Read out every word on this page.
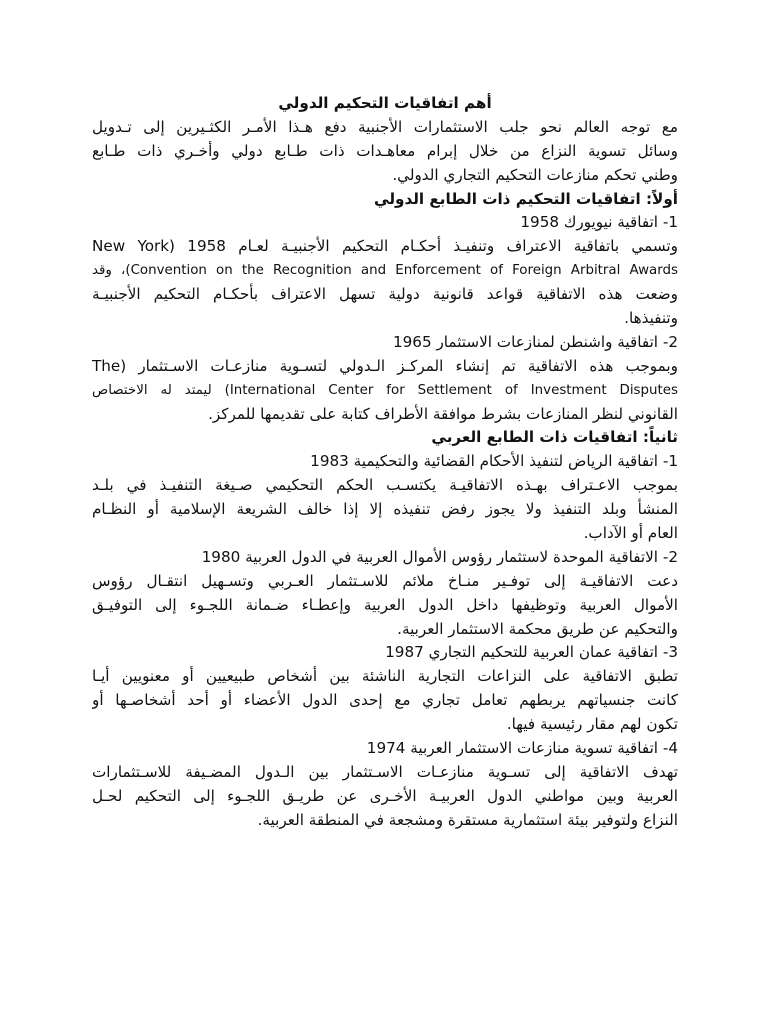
أهم اتفاقيات التحكيم الدولي
مع توجه العالم نحو جلب الاستثمارات الأجنبية دفع هـذا الأمـر الكثـيرين إلى تـدويل
وسائل تسوية النزاع من خلال إبرام معاهـدات ذات طـابع دولي وأخـري ذات طـابع
وطني تحكم منازعات التحكيم التجاري الدولي.
أولاً: اتفاقيات التحكيم ذات الطابع الدولي
1- اتفاقية نيويورك 1958
وتسمي باتفاقية الاعتراف وتنفيـذ أحكـام التحكيم الأجنبيـة لعـام 1958 (New York
Convention on the Recognition and Enforcement of Foreign Arbitral Awards)، وقد
وضعت هذه الاتفاقية قواعد قانونية دولية تسهل الاعتراف بأحكـام التحكيم الأجنبيـة
وتنفيذها.
2- اتفاقية واشنطن لمنازعات الاستثمار 1965
وبموجب هذه الاتفاقية تم إنشاء المركـز الـدولي لتسـوية منازعـات الاسـتثمار (The
International Center for Settlement of Investment Disputes) ليمتد له الاختصاص
القانوني لنظر المنازعات بشرط موافقة الأطراف كتابة على تقديمها للمركز.
ثانياً: اتفاقيات ذات الطابع العربي
1- اتفاقية الرياض لتنفيذ الأحكام القضائية والتحكيمية 1983
بموجب الاعـتراف بهـذه الاتفاقيـة يكتسـب الحكم التحكيمي صـيغة التنفيـذ في بلـد
المنشأ وبلد التنفيذ ولا يجوز رفض تنفيذه إلا إذا خالف الشريعة الإسلامية أو النظـام
العام أو الآداب.
2- الاتفاقية الموحدة لاستثمار رؤوس الأموال العربية في الدول العربية 1980
دعت الاتفاقيـة إلى توفـير منـاخ ملائم للاسـتثمار العـربي وتسـهيل انتقـال رؤوس
الأموال العربية وتوظيفها داخل الدول العربية وإعطـاء ضـمانة اللجـوء إلى التوفيـق
والتحكيم عن طريق محكمة الاستثمار العربية.
3- اتفاقية عمان العربية للتحكيم التجاري 1987
تطبق الاتفاقية على النزاعات التجارية الناشئة بين أشخاص طبيعيين أو معنويين أيـا
كانت جنسياتهم يربطهم تعامل تجاري مع إحدى الدول الأعضاء أو أحد أشخاصـها أو
تكون لهم مقار رئيسية فيها.
4- اتفاقية تسوية منازعات الاستثمار العربية 1974
تهدف الاتفاقية إلى تسـوية منازعـات الاسـتثمار بين الـدول المضـيفة للاسـتثمارات
العربية وبين مواطني الدول العربيـة الأخـرى عن طريـق اللجـوء إلى التحكيم لحـل
النزاع ولتوفير بيئة استثمارية مستقرة ومشجعة في المنطقة العربية.
